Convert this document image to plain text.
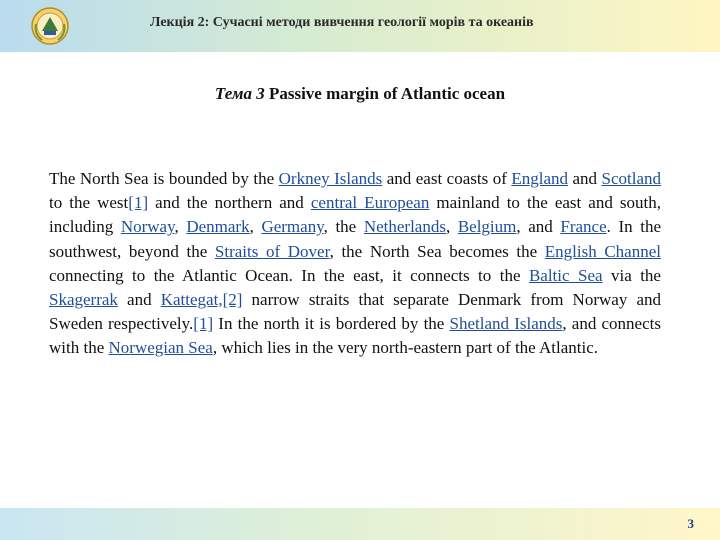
Лекція 2: Сучасні методи вивчення геології морів та океанів
Тема 3 Passive margin of Atlantic ocean
The North Sea is bounded by the Orkney Islands and east coasts of England and Scotland to the west[1] and the northern and central European mainland to the east and south, including Norway, Denmark, Germany, the Netherlands, Belgium, and France. In the southwest, beyond the Straits of Dover, the North Sea becomes the English Channel connecting to the Atlantic Ocean. In the east, it connects to the Baltic Sea via the Skagerrak and Kattegat,[2] narrow straits that separate Denmark from Norway and Sweden respectively.[1] In the north it is bordered by the Shetland Islands, and connects with the Norwegian Sea, which lies in the very north-eastern part of the Atlantic.
3
